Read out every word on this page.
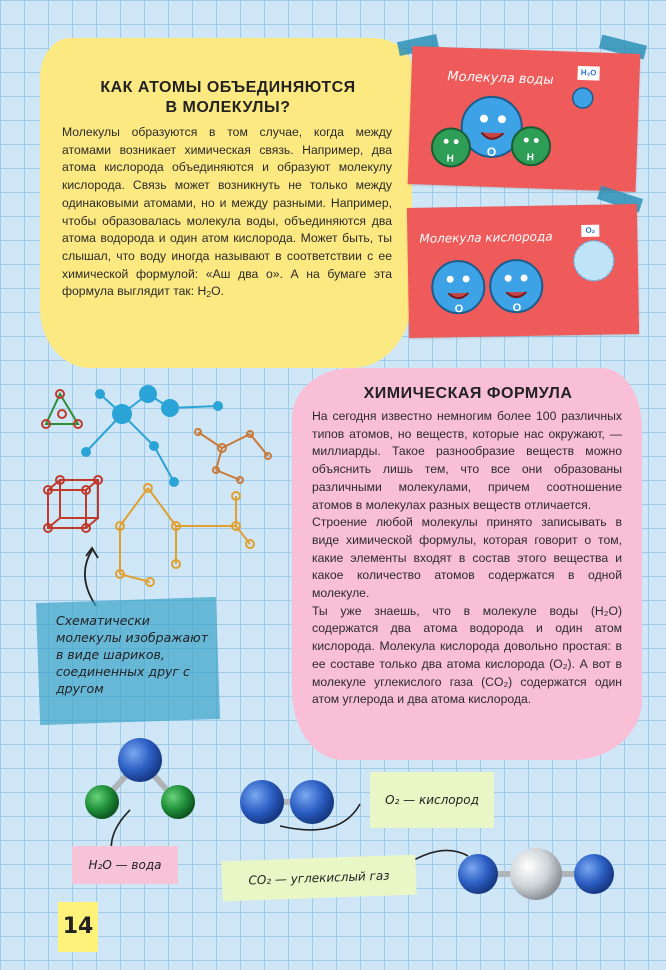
КАК АТОМЫ ОБЪЕДИНЯЮТСЯ
В МОЛЕКУЛЫ?
Молекулы образуются в том случае, когда между атомами возникает химическая связь. Например, два атома кислорода объединяются и образуют молекулу кислорода. Связь может возникнуть не только между одинаковыми атомами, но и между разными. Например, чтобы образовалась молекула воды, объединяются два атома водорода и один атом кислорода. Может быть, ты слышал, что воду иногда называют в соответствии с ее химической формулой: «Аш два о». А на бумаге эта формула выглядит так: $H_2O$.
Молекула воды	H₂O
H	O	H
Молекула кислорода	O₂
O	O
Схематически молекулы изображают в виде шариков, соединенных друг с другом
ХИМИЧЕСКАЯ ФОРМУЛА
На сегодня известно немногим более 100 различных типов атомов, но веществ, которые нас окружают, — миллиарды. Такое разнообразие веществ можно объяснить лишь тем, что все они образованы различными молекулами, причем соотношение атомов в молекулах разных веществ отличается.
Строение любой молекулы принято записывать в виде химической формулы, которая говорит о том, какие элементы входят в состав этого вещества и какое количество атомов содержатся в одной молекуле.
Ты уже знаешь, что в молекуле воды (H₂O) содержатся два атома водорода и один атом кислорода. Молекула кислорода довольно простая: в ее составе только два атома кислорода (O₂). А вот в молекуле углекислого газа (CO₂) содержатся один атом углерода и два атома кислорода.
H₂O — вода
O₂ — кислород
CO₂ — углекислый газ
14
